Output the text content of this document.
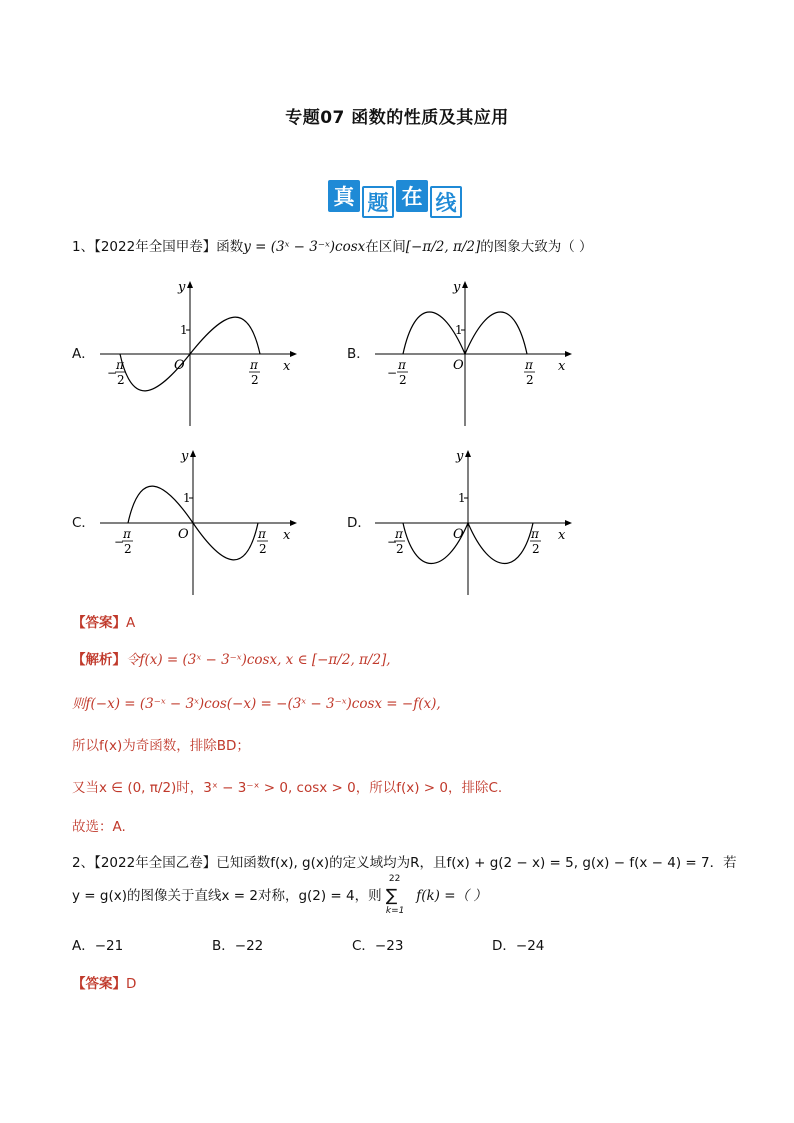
专题07 函数的性质及其应用
真 题 在 线
1、【2022年全国甲卷】函数y = (3ˣ − 3⁻ˣ)cosx在区间[−π/2, π/2]的图象大致为（ ）
A．	B．
C．	D．
y
x
O
1
−
π
2
π
2
y
x
O
1
−
π
2
π
2
y
x
O
1
−
π
2
π
2
y
x
O
1
−
π
2
π
2
【答案】A
【解析】令f(x) = (3ˣ − 3⁻ˣ)cosx, x ∈ [−π/2, π/2],
则f(−x) = (3⁻ˣ − 3ˣ)cos(−x) = −(3ˣ − 3⁻ˣ)cosx = −f(x),
所以f(x)为奇函数，排除BD；
又当x ∈ (0, π/2)时，3ˣ − 3⁻ˣ > 0, cosx > 0，所以f(x) > 0，排除C.
故选：A.
2、【2022年全国乙卷】已知函数f(x), g(x)的定义域均为R，且f(x) + g(2 − x) = 5, g(x) − f(x − 4) = 7．若
y = g(x)的图像关于直线x = 2对称，g(2) = 4，则
22
∑
k=1
f(k) =（ ）
A．−21	B．−22	C．−23	D．−24
【答案】D
